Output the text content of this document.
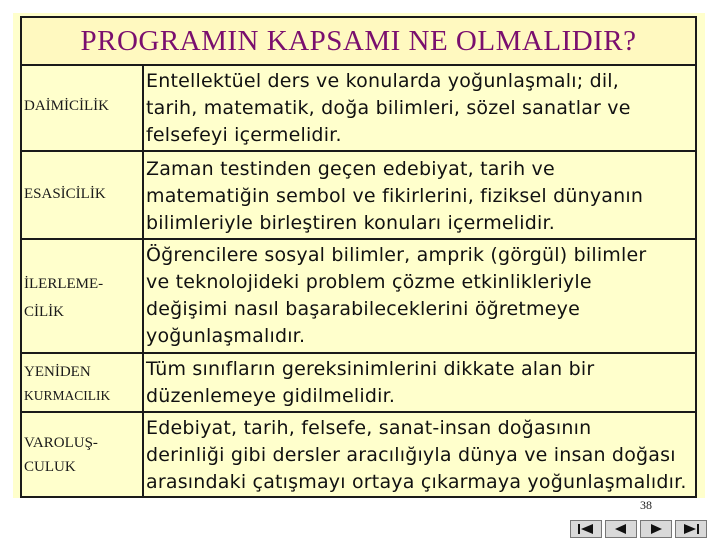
PROGRAMIN KAPSAMI NE OLMALIDIR?
DAİMİCİLİK
Entellektüel ders ve konularda yoğunlaşmalı; dil,
tarih, matematik, doğa bilimleri, sözel sanatlar ve
felsefeyi içermelidir.
ESASİCİLİK
Zaman testinden geçen edebiyat, tarih ve
matematiğin sembol ve fikirlerini, fiziksel dünyanın
bilimleriyle birleştiren konuları içermelidir.
İLERLEME-
CİLİK
Öğrencilere sosyal bilimler, amprik (görgül) bilimler
ve teknolojideki problem çözme etkinlikleriyle
değişimi nasıl başarabileceklerini öğretmeye
yoğunlaşmalıdır.
YENİDEN
KURMACILIK
Tüm sınıfların gereksinimlerini dikkate alan bir
düzenlemeye gidilmelidir.
VAROLUŞ-
CULUK
Edebiyat, tarih, felsefe, sanat-insan doğasının
derinliği gibi dersler aracılığıyla dünya ve insan doğası
arasındaki çatışmayı ortaya çıkarmaya yoğunlaşmalıdır.
38
